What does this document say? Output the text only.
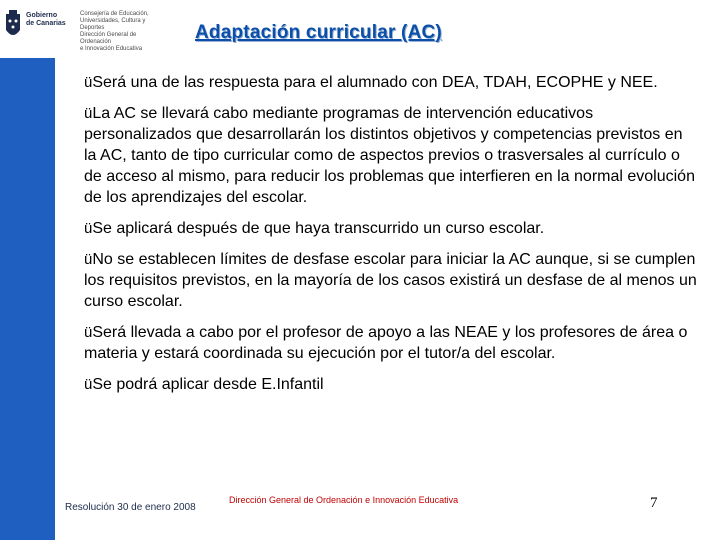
Gobierno
de Canarias
Consejería de Educación,
Universidades, Cultura y Deportes
Dirección General de Ordenación
e Innovación Educativa
Adaptación curricular (AC)

üSerá una de las respuesta para el alumnado con DEA, TDAH, ECOPHE y NEE.

üLa AC se llevará cabo mediante programas de intervención educativos personalizados que desarrollarán los distintos objetivos y competencias previstos en la AC, tanto de tipo curricular como de aspectos previos o trasversales al currículo o de acceso al mismo, para reducir los problemas que interfieren en la normal evolución de los aprendizajes del escolar.

üSe aplicará después de que haya transcurrido un curso escolar.

üNo se establecen límites de desfase escolar para iniciar la AC aunque, si se cumplen los requisitos previstos, en la mayoría de los casos existirá un desfase de al menos un curso escolar.

üSerá llevada a cabo por el profesor de apoyo a las NEAE y los profesores de área o materia y estará coordinada su ejecución por el tutor/a del escolar.

üSe podrá aplicar desde E.Infantil

Resolución 30 de enero 2008
Dirección General de Ordenación e Innovación Educativa	7
